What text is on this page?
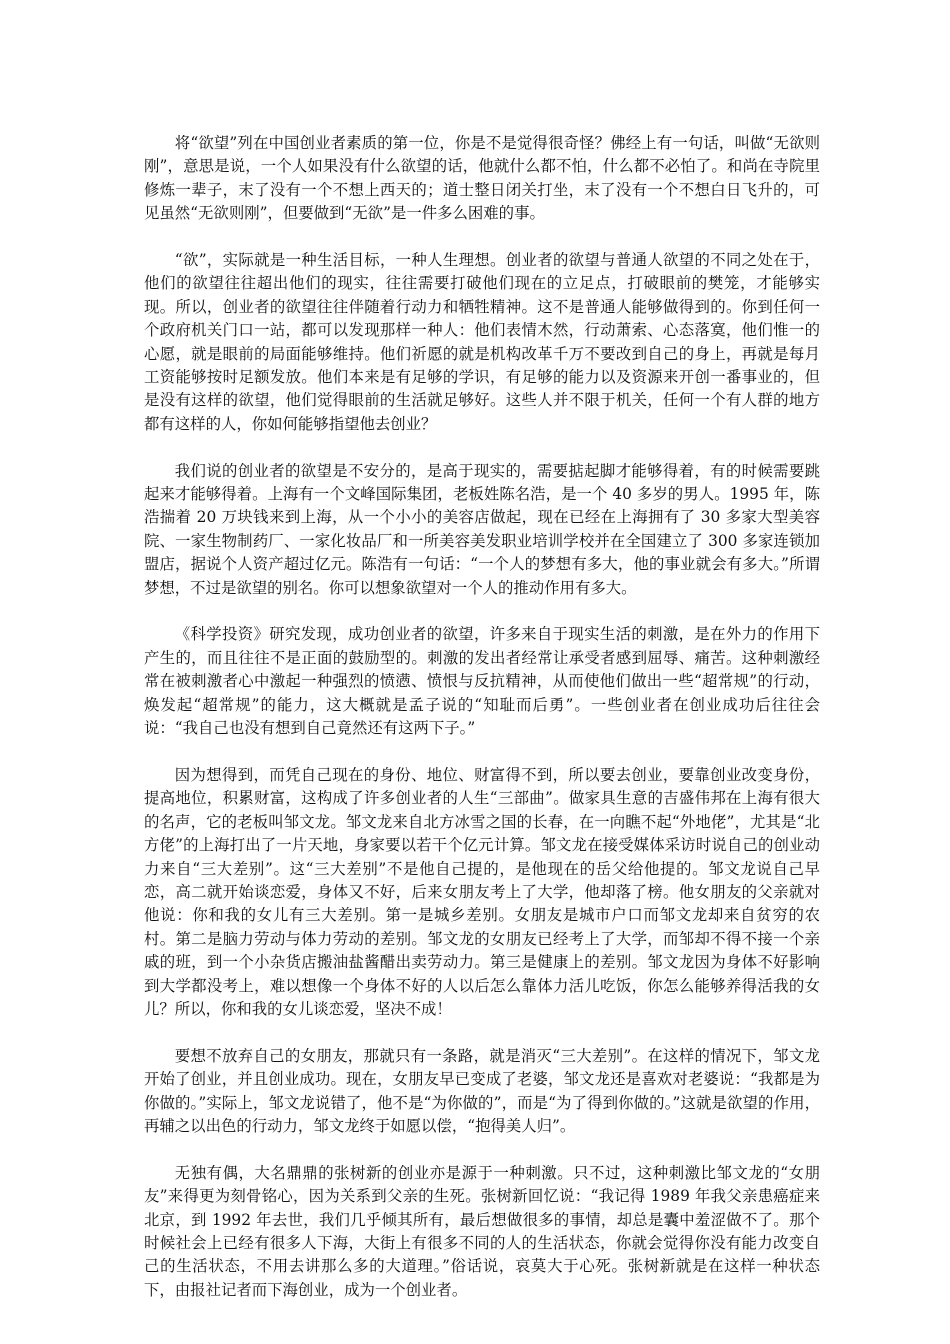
将“欲望”列在中国创业者素质的第一位，你是不是觉得很奇怪？佛经上有一句话，叫做“无欲则刚”，意思是说，一个人如果没有什么欲望的话，他就什么都不怕，什么都不必怕了。和尚在寺院里修炼一辈子，末了没有一个不想上西天的；道士整日闭关打坐，末了没有一个不想白日飞升的，可见虽然“无欲则刚”，但要做到“无欲”是一件多么困难的事。

“欲”，实际就是一种生活目标，一种人生理想。创业者的欲望与普通人欲望的不同之处在于，他们的欲望往往超出他们的现实，往往需要打破他们现在的立足点，打破眼前的樊笼，才能够实现。所以，创业者的欲望往往伴随着行动力和牺牲精神。这不是普通人能够做得到的。你到任何一个政府机关门口一站，都可以发现那样一种人：他们表情木然，行动萧索、心态落寞，他们惟一的心愿，就是眼前的局面能够维持。他们祈愿的就是机构改革千万不要改到自己的身上，再就是每月工资能够按时足额发放。他们本来是有足够的学识，有足够的能力以及资源来开创一番事业的，但是没有这样的欲望，他们觉得眼前的生活就足够好。这些人并不限于机关，任何一个有人群的地方都有这样的人，你如何能够指望他去创业？

我们说的创业者的欲望是不安分的，是高于现实的，需要掂起脚才能够得着，有的时候需要跳起来才能够得着。上海有一个文峰国际集团，老板姓陈名浩，是一个 40 多岁的男人。1995 年，陈浩揣着 20 万块钱来到上海，从一个小小的美容店做起，现在已经在上海拥有了 30 多家大型美容院、一家生物制药厂、一家化妆品厂和一所美容美发职业培训学校并在全国建立了 300 多家连锁加盟店，据说个人资产超过亿元。陈浩有一句话：“一个人的梦想有多大，他的事业就会有多大。”所谓梦想，不过是欲望的别名。你可以想象欲望对一个人的推动作用有多大。

《科学投资》研究发现，成功创业者的欲望，许多来自于现实生活的刺激，是在外力的作用下产生的，而且往往不是正面的鼓励型的。刺激的发出者经常让承受者感到屈辱、痛苦。这种刺激经常在被刺激者心中激起一种强烈的愤懑、愤恨与反抗精神，从而使他们做出一些“超常规”的行动，焕发起“超常规”的能力，这大概就是孟子说的“知耻而后勇”。一些创业者在创业成功后往往会说：“我自己也没有想到自己竟然还有这两下子。”

因为想得到，而凭自己现在的身份、地位、财富得不到，所以要去创业，要靠创业改变身份，提高地位，积累财富，这构成了许多创业者的人生“三部曲”。做家具生意的吉盛伟邦在上海有很大的名声，它的老板叫邹文龙。邹文龙来自北方冰雪之国的长春，在一向瞧不起“外地佬”，尤其是“北方佬”的上海打出了一片天地，身家要以若干个亿元计算。邹文龙在接受媒体采访时说自己的创业动力来自“三大差别”。这“三大差别”不是他自己提的，是他现在的岳父给他提的。邹文龙说自己早恋，高二就开始谈恋爱，身体又不好，后来女朋友考上了大学，他却落了榜。他女朋友的父亲就对他说：你和我的女儿有三大差别。第一是城乡差别。女朋友是城市户口而邹文龙却来自贫穷的农村。第二是脑力劳动与体力劳动的差别。邹文龙的女朋友已经考上了大学，而邹却不得不接一个亲戚的班，到一个小杂货店搬油盐酱醋出卖劳动力。第三是健康上的差别。邹文龙因为身体不好影响到大学都没考上，难以想像一个身体不好的人以后怎么靠体力活儿吃饭，你怎么能够养得活我的女儿？所以，你和我的女儿谈恋爱，坚决不成！

要想不放弃自己的女朋友，那就只有一条路，就是消灭“三大差别”。在这样的情况下，邹文龙开始了创业，并且创业成功。现在，女朋友早已变成了老婆，邹文龙还是喜欢对老婆说：“我都是为你做的。”实际上，邹文龙说错了，他不是“为你做的”，而是“为了得到你做的。”这就是欲望的作用，再辅之以出色的行动力，邹文龙终于如愿以偿，“抱得美人归”。

无独有偶，大名鼎鼎的张树新的创业亦是源于一种刺激。只不过，这种刺激比邹文龙的“女朋友”来得更为刻骨铭心，因为关系到父亲的生死。张树新回忆说：“我记得 1989 年我父亲患癌症来北京，到 1992 年去世，我们几乎倾其所有，最后想做很多的事情，却总是囊中羞涩做不了。那个时候社会上已经有很多人下海，大街上有很多不同的人的生活状态，你就会觉得你没有能力改变自己的生活状态，不用去讲那么多的大道理。”俗话说，哀莫大于心死。张树新就是在这样一种状态下，由报社记者而下海创业，成为一个创业者。
